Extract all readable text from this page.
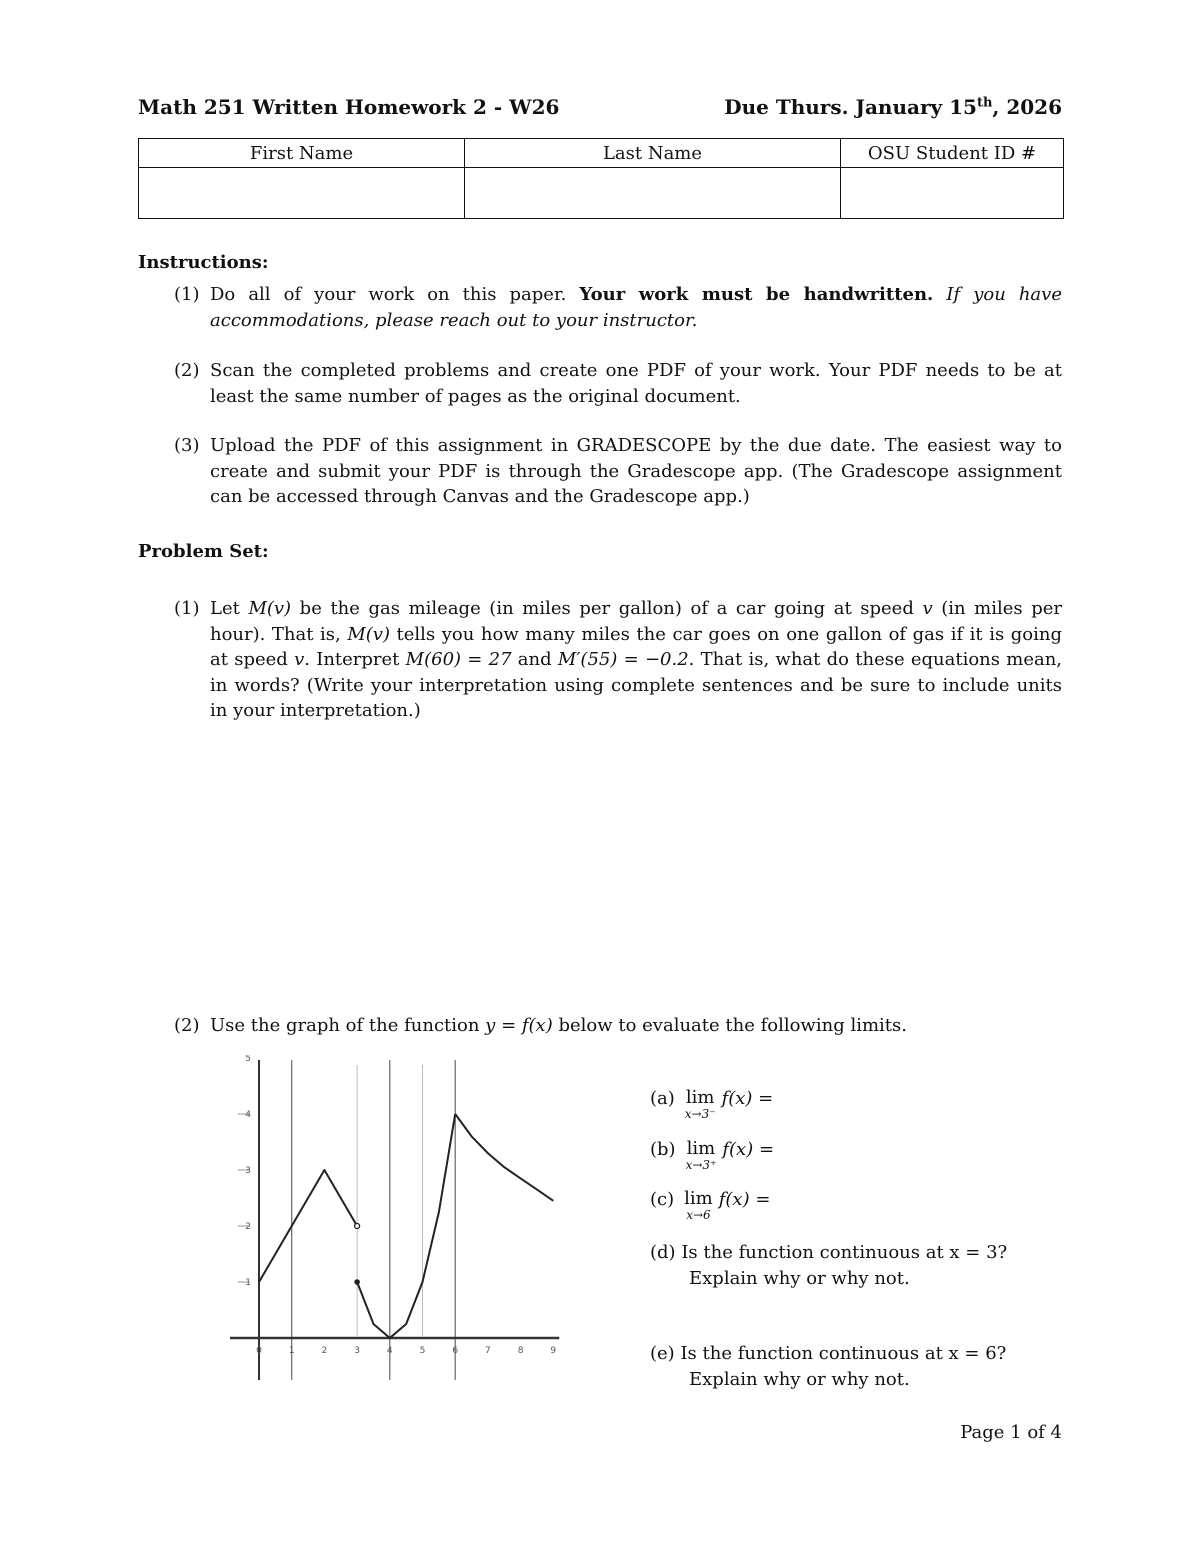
Math 251 Written Homework 2 - W26	Due Thurs. January 15th, 2026
First Name	Last Name	OSU Student ID #

Instructions:
(1) Do all of your work on this paper. Your work must be handwritten. If you have accommodations, please reach out to your instructor.
(2) Scan the completed problems and create one PDF of your work. Your PDF needs to be at least the same number of pages as the original document.
(3) Upload the PDF of this assignment in GRADESCOPE by the due date. The easiest way to create and submit your PDF is through the Gradescope app. (The Gradescope assignment can be accessed through Canvas and the Gradescope app.)
Problem Set:
(1) Let M(v) be the gas mileage (in miles per gallon) of a car going at speed v (in miles per hour). That is, M(v) tells you how many miles the car goes on one gallon of gas if it is going at speed v. Interpret M(60) = 27 and M′(55) = −0.2. That is, what do these equations mean, in words? (Write your interpretation using complete sentences and be sure to include units in your interpretation.)
(2) Use the graph of the function y = f(x) below to evaluate the following limits.
0	1	2	3	4	5	6	7	8	9
1
2
3
4
5
(a) lim
x→3⁻
f(x) =
(b) lim
x→3⁺
f(x) =
(c) lim
x→6
f(x) =
(d) Is the function continuous at x = 3?
Explain why or why not.
(e) Is the function continuous at x = 6?
Explain why or why not.
Page 1 of 4
